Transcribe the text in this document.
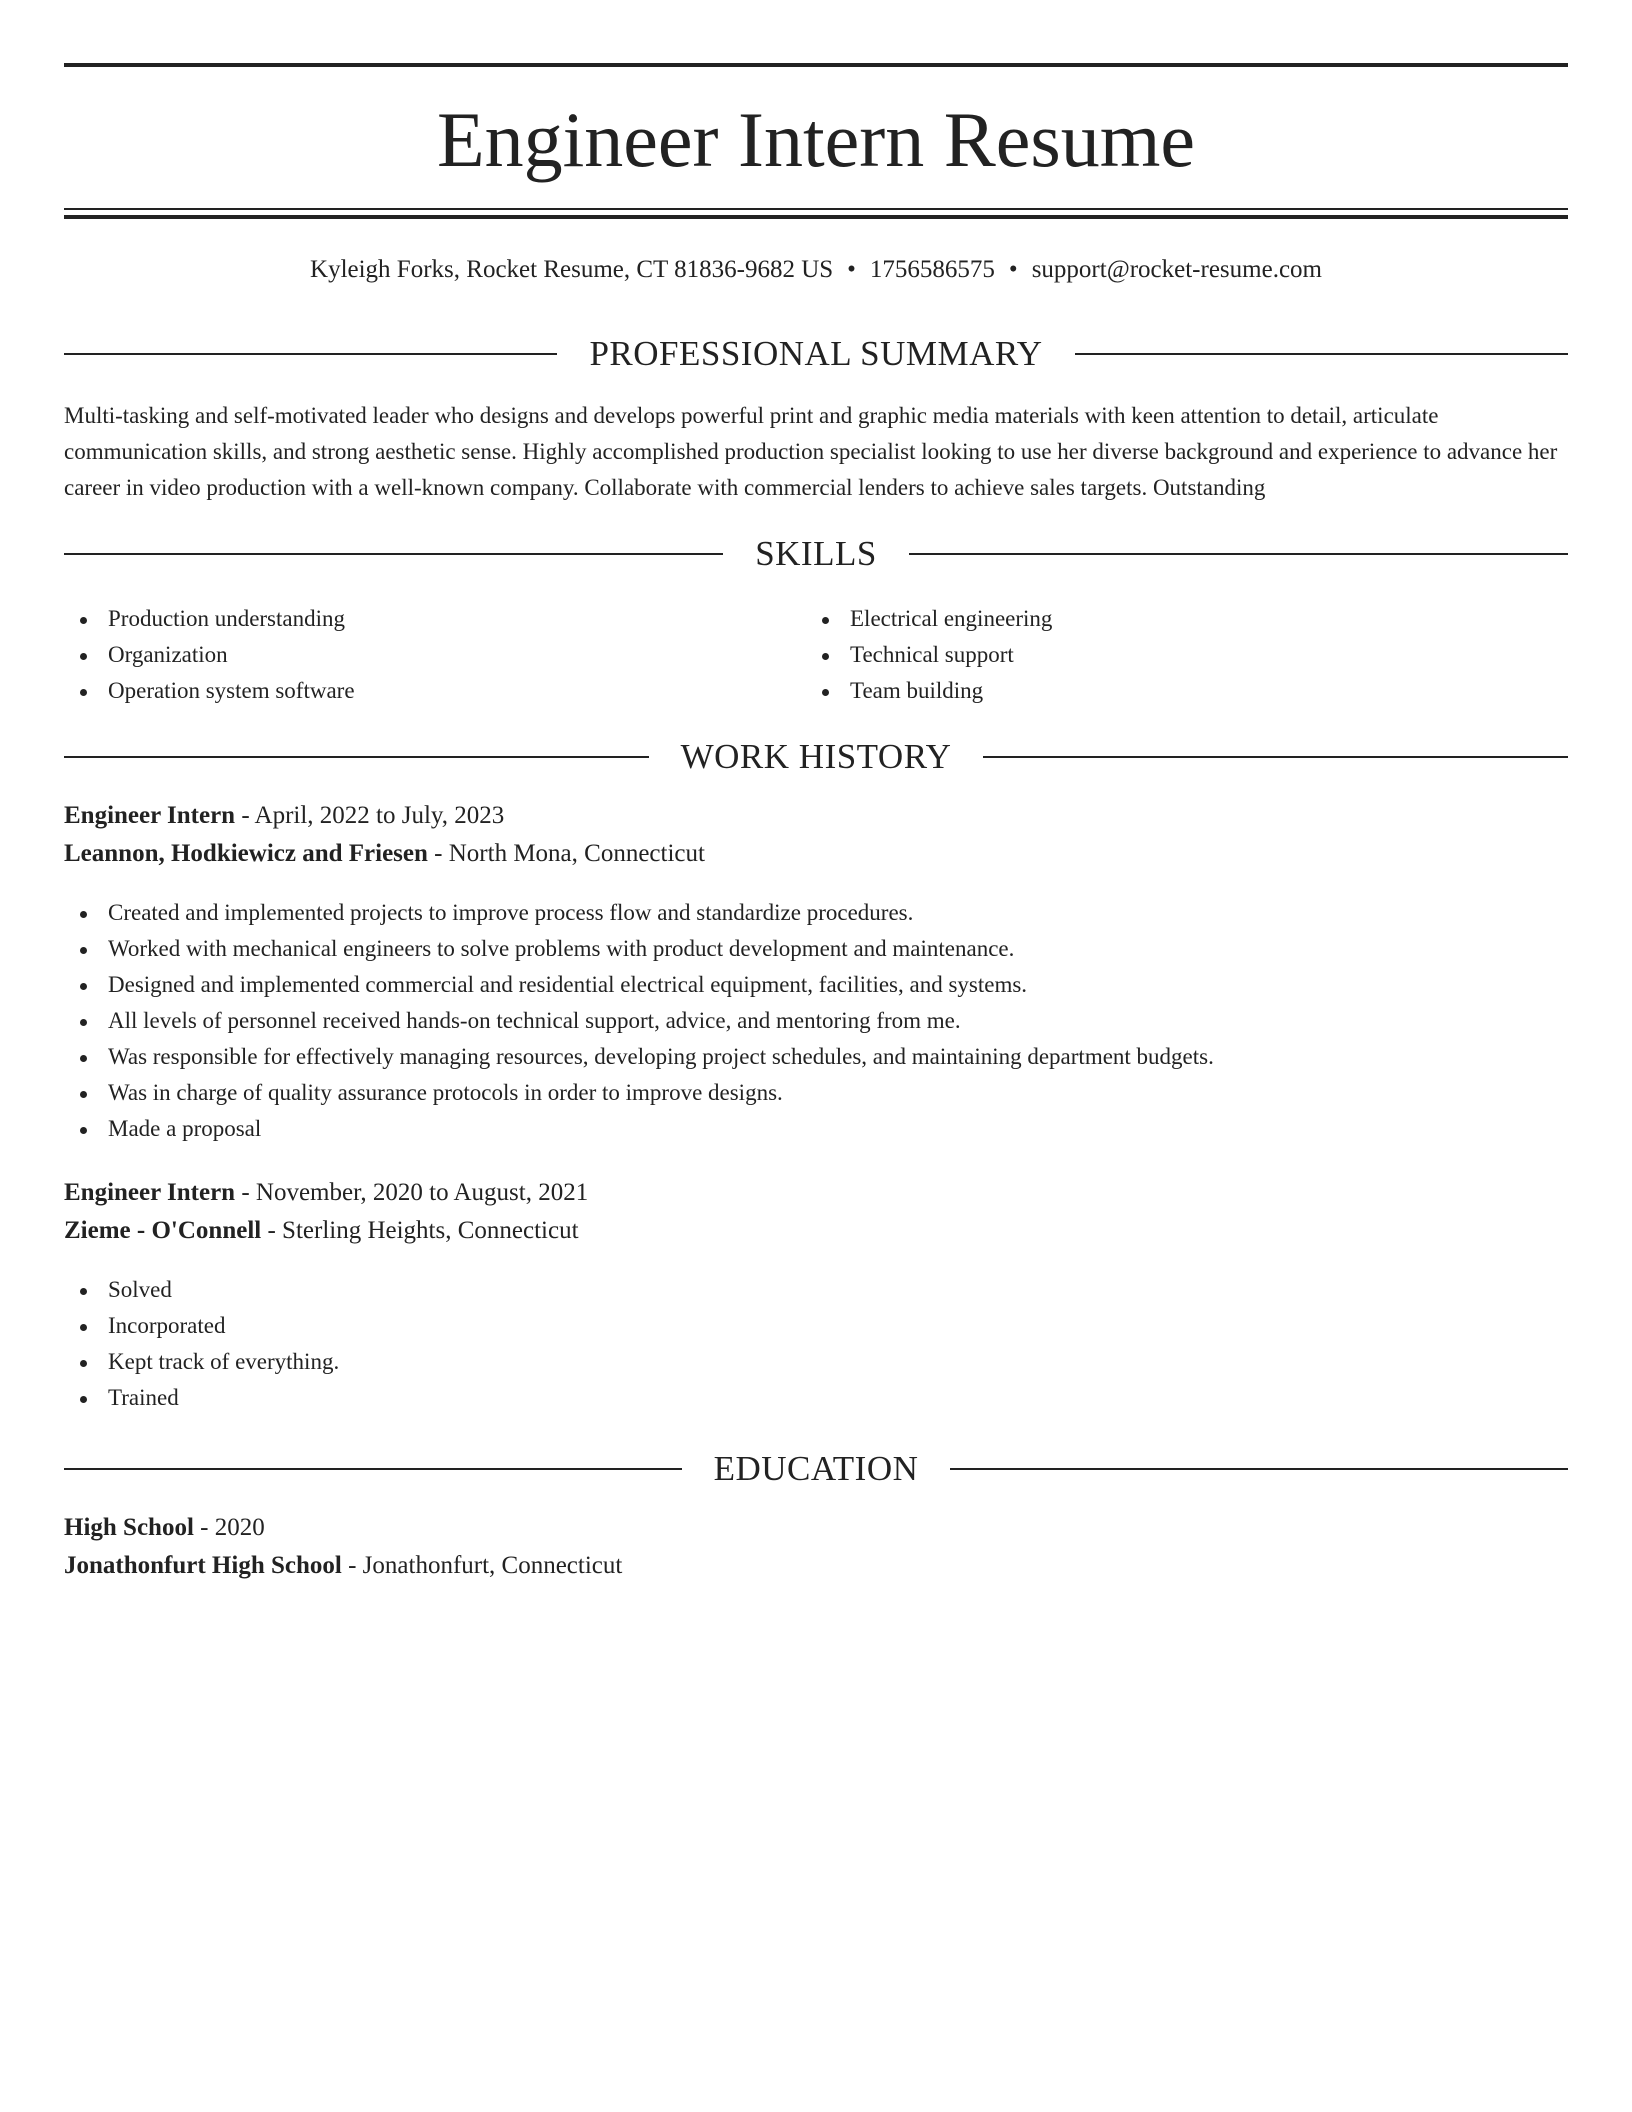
Engineer Intern Resume
Kyleigh Forks, Rocket Resume, CT 81836-9682 US • 1756586575 • support@rocket-resume.com
PROFESSIONAL SUMMARY

Multi-tasking and self-motivated leader who designs and develops powerful print and graphic media materials with keen attention to detail, articulate communication skills, and strong aesthetic sense. Highly accomplished production specialist looking to use her diverse background and experience to advance her career in video production with a well-known company. Collaborate with commercial lenders to achieve sales targets. Outstanding

SKILLS
Production understanding
Organization
Operation system software
Electrical engineering
Technical support
Team building
WORK HISTORY
Engineer Intern - April, 2022 to July, 2023
Leannon, Hodkiewicz and Friesen - North Mona, Connecticut
Created and implemented projects to improve process flow and standardize procedures.
Worked with mechanical engineers to solve problems with product development and maintenance.
Designed and implemented commercial and residential electrical equipment, facilities, and systems.
All levels of personnel received hands-on technical support, advice, and mentoring from me.
Was responsible for effectively managing resources, developing project schedules, and maintaining department budgets.
Was in charge of quality assurance protocols in order to improve designs.
Made a proposal
Engineer Intern - November, 2020 to August, 2021
Zieme - O'Connell - Sterling Heights, Connecticut
Solved
Incorporated
Kept track of everything.
Trained
EDUCATION
High School - 2020
Jonathonfurt High School - Jonathonfurt, Connecticut
